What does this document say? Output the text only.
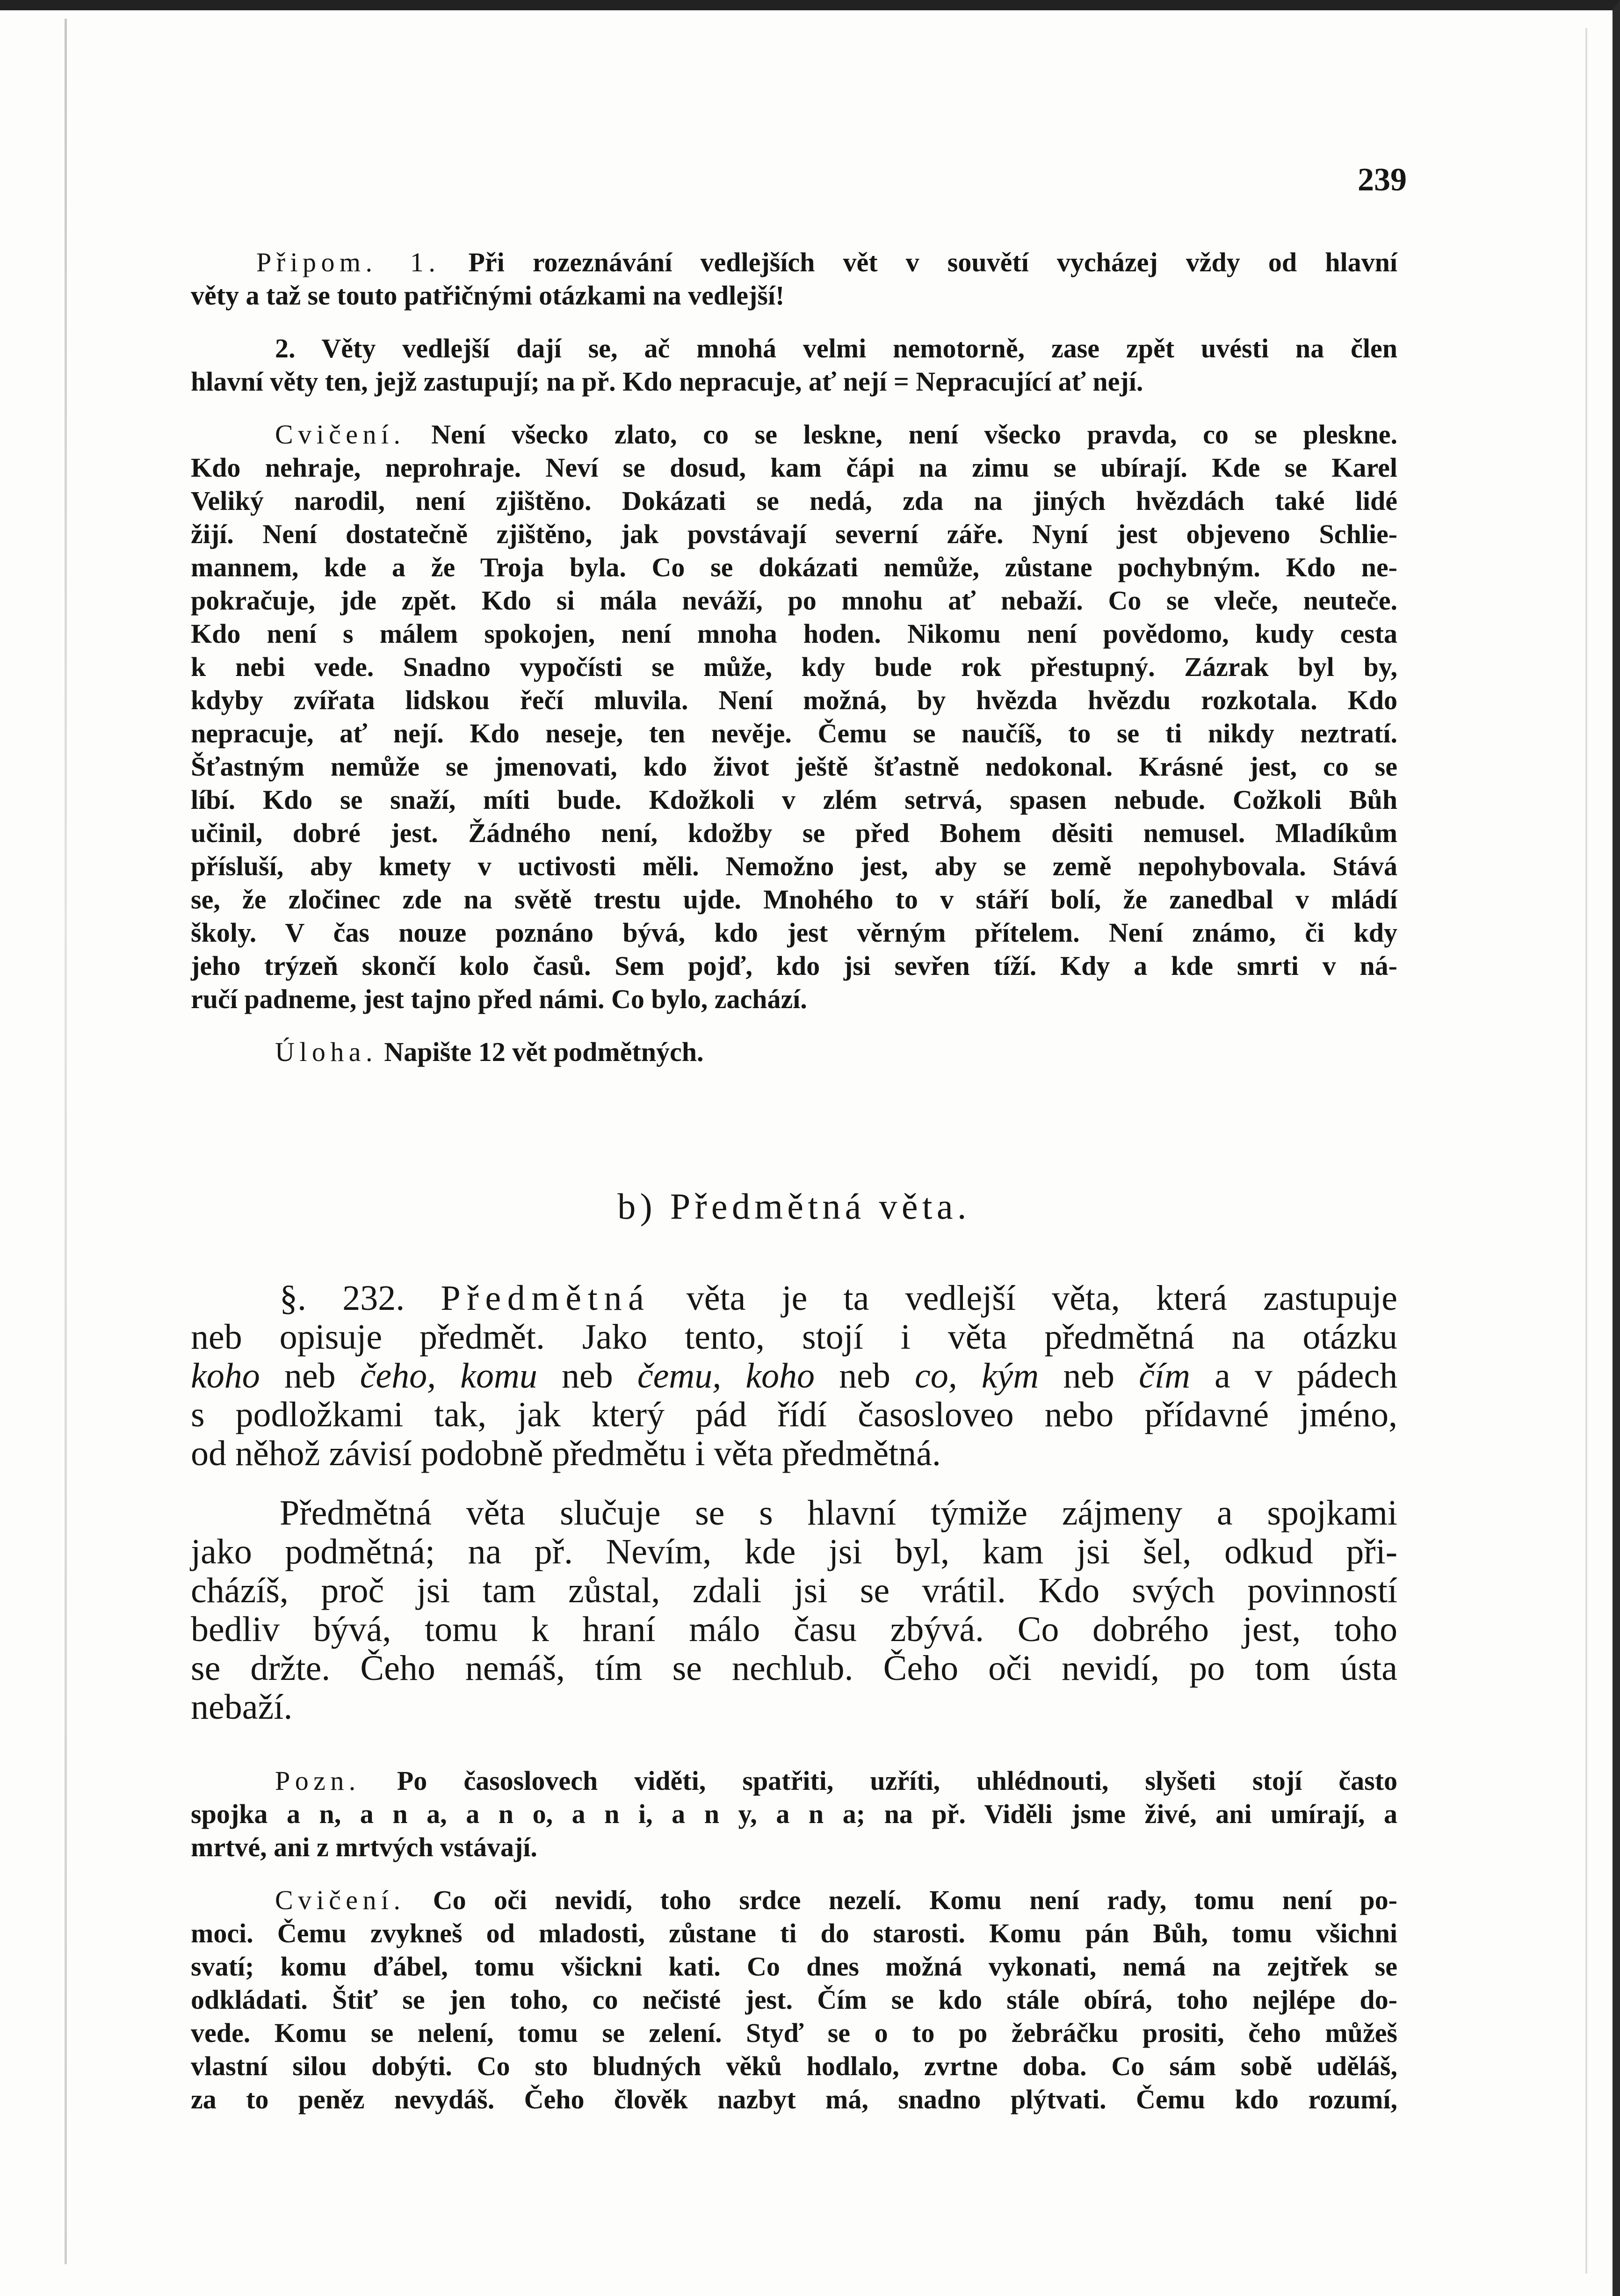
239
Připom. 1. Při rozeznávání vedlejších vět v souvětí vycházej vždy od hlavní
věty a taž se touto patřičnými otázkami na vedlejší!
2. Věty vedlejší dají se, ač mnohá velmi nemotorně, zase zpět uvésti na člen
hlavní věty ten, jejž zastupují; na př. Kdo nepracuje, ať nejí = Nepracující ať nejí.
Cvičení. Není všecko zlato, co se leskne, není všecko pravda, co se pleskne.
Kdo nehraje, neprohraje. Neví se dosud, kam čápi na zimu se ubírají. Kde se Karel
Veliký narodil, není zjištěno. Dokázati se nedá, zda na jiných hvězdách také lidé
žijí. Není dostatečně zjištěno, jak povstávají severní záře. Nyní jest objeveno Schlie-
mannem, kde a že Troja byla. Co se dokázati nemůže, zůstane pochybným. Kdo ne-
pokračuje, jde zpět. Kdo si mála neváží, po mnohu ať nebaží. Co se vleče, neuteče.
Kdo není s málem spokojen, není mnoha hoden. Nikomu není povědomo, kudy cesta
k nebi vede. Snadno vypočísti se může, kdy bude rok přestupný. Zázrak byl by,
kdyby zvířata lidskou řečí mluvila. Není možná, by hvězda hvězdu rozkotala. Kdo
nepracuje, ať nejí. Kdo neseje, ten nevěje. Čemu se naučíš, to se ti nikdy neztratí.
Šťastným nemůže se jmenovati, kdo život ještě šťastně nedokonal. Krásné jest, co se
líbí. Kdo se snaží, míti bude. Kdožkoli v zlém setrvá, spasen nebude. Cožkoli Bůh
učinil, dobré jest. Žádného není, kdožby se před Bohem děsiti nemusel. Mladíkům
přísluší, aby kmety v uctivosti měli. Nemožno jest, aby se země nepohybovala. Stává
se, že zločinec zde na světě trestu ujde. Mnohého to v stáří bolí, že zanedbal v mládí
školy. V čas nouze poznáno bývá, kdo jest věrným přítelem. Není známo, či kdy
jeho trýzeň skončí kolo časů. Sem pojď, kdo jsi sevřen tíží. Kdy a kde smrti v ná-
ručí padneme, jest tajno před námi. Co bylo, zachází.
Úloha. Napište 12 vět podmětných.
b) Předmětná věta.
§. 232. Předmětná věta je ta vedlejší věta, která zastupuje
neb opisuje předmět. Jako tento, stojí i věta předmětná na otázku
koho neb čeho, komu neb čemu, koho neb co, kým neb čím a v pádech
s podložkami tak, jak který pád řídí časosloveo nebo přídavné jméno,
od něhož závisí podobně předmětu i věta předmětná.
Předmětná věta slučuje se s hlavní týmiže zájmeny a spojkami
jako podmětná; na př. Nevím, kde jsi byl, kam jsi šel, odkud při-
cházíš, proč jsi tam zůstal, zdali jsi se vrátil. Kdo svých povinností
bedliv bývá, tomu k hraní málo času zbývá. Co dobrého jest, toho
se držte. Čeho nemáš, tím se nechlub. Čeho oči nevidí, po tom ústa
nebaží.
Pozn. Po časoslovech viděti, spatřiti, uzříti, uhlédnouti, slyšeti stojí často
spojka a n, a n a, a n o, a n i, a n y, a n a; na př. Viděli jsme živé, ani umírají, a
mrtvé, ani z mrtvých vstávají.
Cvičení. Co oči nevidí, toho srdce nezelí. Komu není rady, tomu není po-
moci. Čemu zvykneš od mladosti, zůstane ti do starosti. Komu pán Bůh, tomu všichni
svatí; komu ďábel, tomu všickni kati. Co dnes možná vykonati, nemá na zejtřek se
odkládati. Štiť se jen toho, co nečisté jest. Čím se kdo stále obírá, toho nejlépe do-
vede. Komu se nelení, tomu se zelení. Styď se o to po žebráčku prositi, čeho můžeš
vlastní silou dobýti. Co sto bludných věků hodlalo, zvrtne doba. Co sám sobě uděláš,
za to peněz nevydáš. Čeho člověk nazbyt má, snadno plýtvati. Čemu kdo rozumí,
